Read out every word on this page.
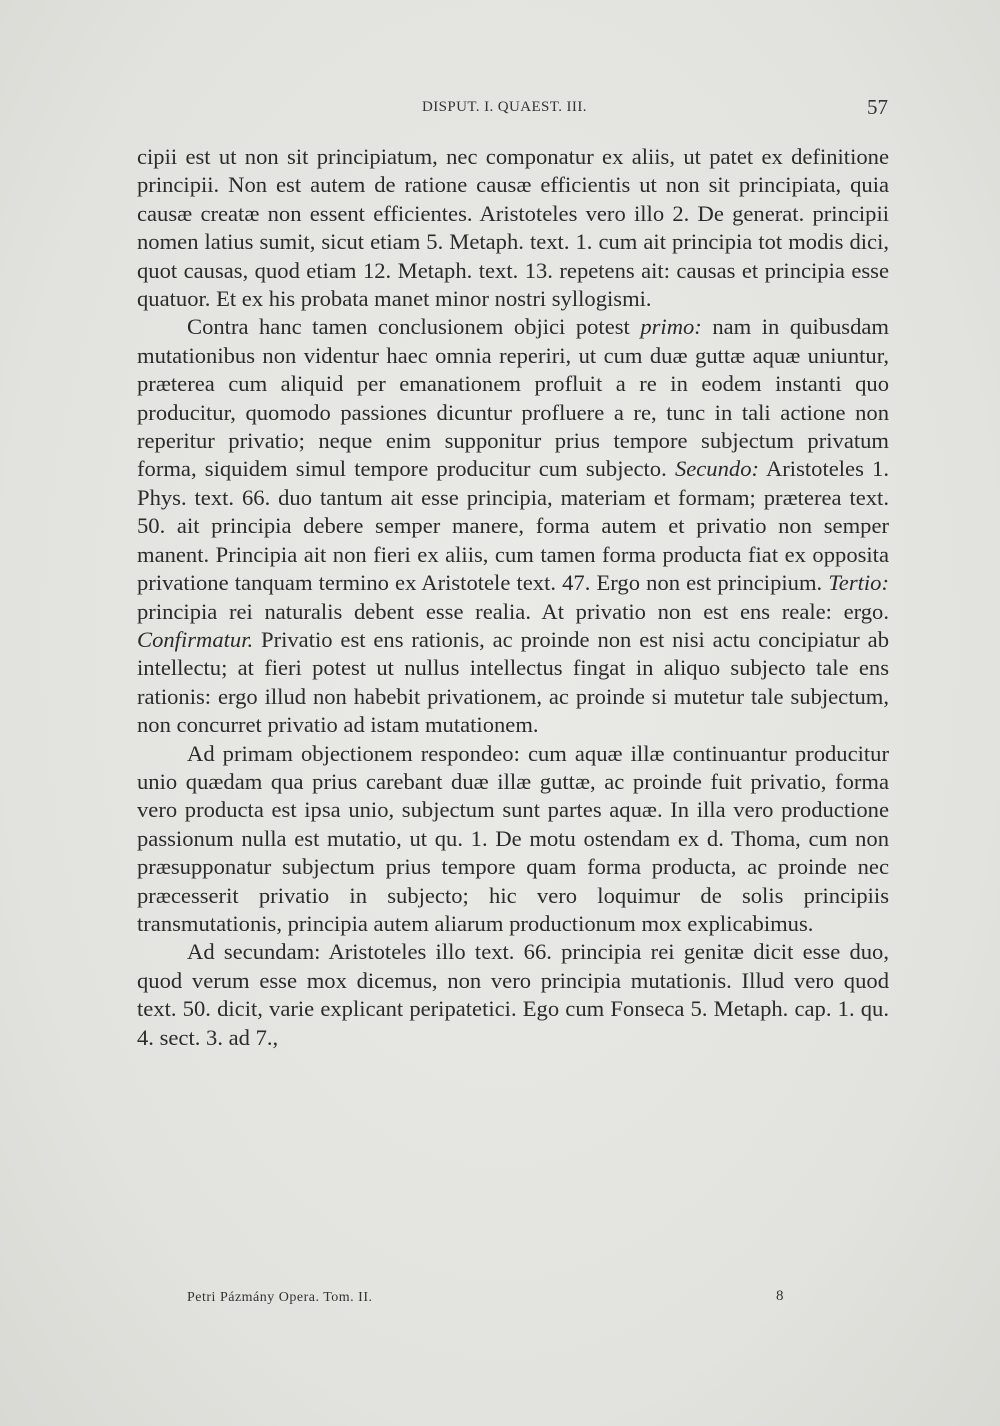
DISPUT. I. QUAEST. III.	57

cipii est ut non sit principiatum, nec componatur ex aliis, ut patet ex definitione principii. Non est autem de ratione causæ efficientis ut non sit principiata, quia causæ creatæ non essent efficientes. Aristoteles vero illo 2. De generat. principii nomen latius sumit, sicut etiam 5. Metaph. text. 1. cum ait principia tot modis dici, quot causas, quod etiam 12. Metaph. text. 13. repetens ait: causas et principia esse quatuor. Et ex his probata manet minor nostri syllogismi.

Contra hanc tamen conclusionem objici potest primo: nam in quibusdam mutationibus non videntur haec omnia reperiri, ut cum duæ guttæ aquæ uniuntur, præterea cum aliquid per emanationem profluit a re in eodem instanti quo producitur, quomodo passiones dicuntur profluere a re, tunc in tali actione non reperitur privatio; neque enim supponitur prius tempore subjectum privatum forma, siquidem simul tempore producitur cum subjecto. Secundo: Aristoteles 1. Phys. text. 66. duo tantum ait esse principia, materiam et formam; præterea text. 50. ait principia debere semper manere, forma autem et privatio non semper manent. Principia ait non fieri ex aliis, cum tamen forma producta fiat ex opposita privatione tanquam termino ex Aristotele text. 47. Ergo non est principium. Tertio: principia rei naturalis debent esse realia. At privatio non est ens reale: ergo. Confirmatur. Privatio est ens rationis, ac proinde non est nisi actu concipiatur ab intellectu; at fieri potest ut nullus intellectus fingat in aliquo subjecto tale ens rationis: ergo illud non habebit privationem, ac proinde si mutetur tale subjectum, non concurret privatio ad istam mutationem.

Ad primam objectionem respondeo: cum aquæ illæ continuantur producitur unio quædam qua prius carebant duæ illæ guttæ, ac proinde fuit privatio, forma vero producta est ipsa unio, subjectum sunt partes aquæ. In illa vero productione passionum nulla est mutatio, ut qu. 1. De motu ostendam ex d. Thoma, cum non præsupponatur subjectum prius tempore quam forma producta, ac proinde nec præcesserit privatio in subjecto; hic vero loquimur de solis principiis transmutationis, principia autem aliarum productionum mox explicabimus.

Ad secundam: Aristoteles illo text. 66. principia rei genitæ dicit esse duo, quod verum esse mox dicemus, non vero principia mutationis. Illud vero quod text. 50. dicit, varie explicant peripatetici. Ego cum Fonseca 5. Metaph. cap. 1. qu. 4. sect. 3. ad 7.,

Petri Pázmány Opera. Tom. II.	8
